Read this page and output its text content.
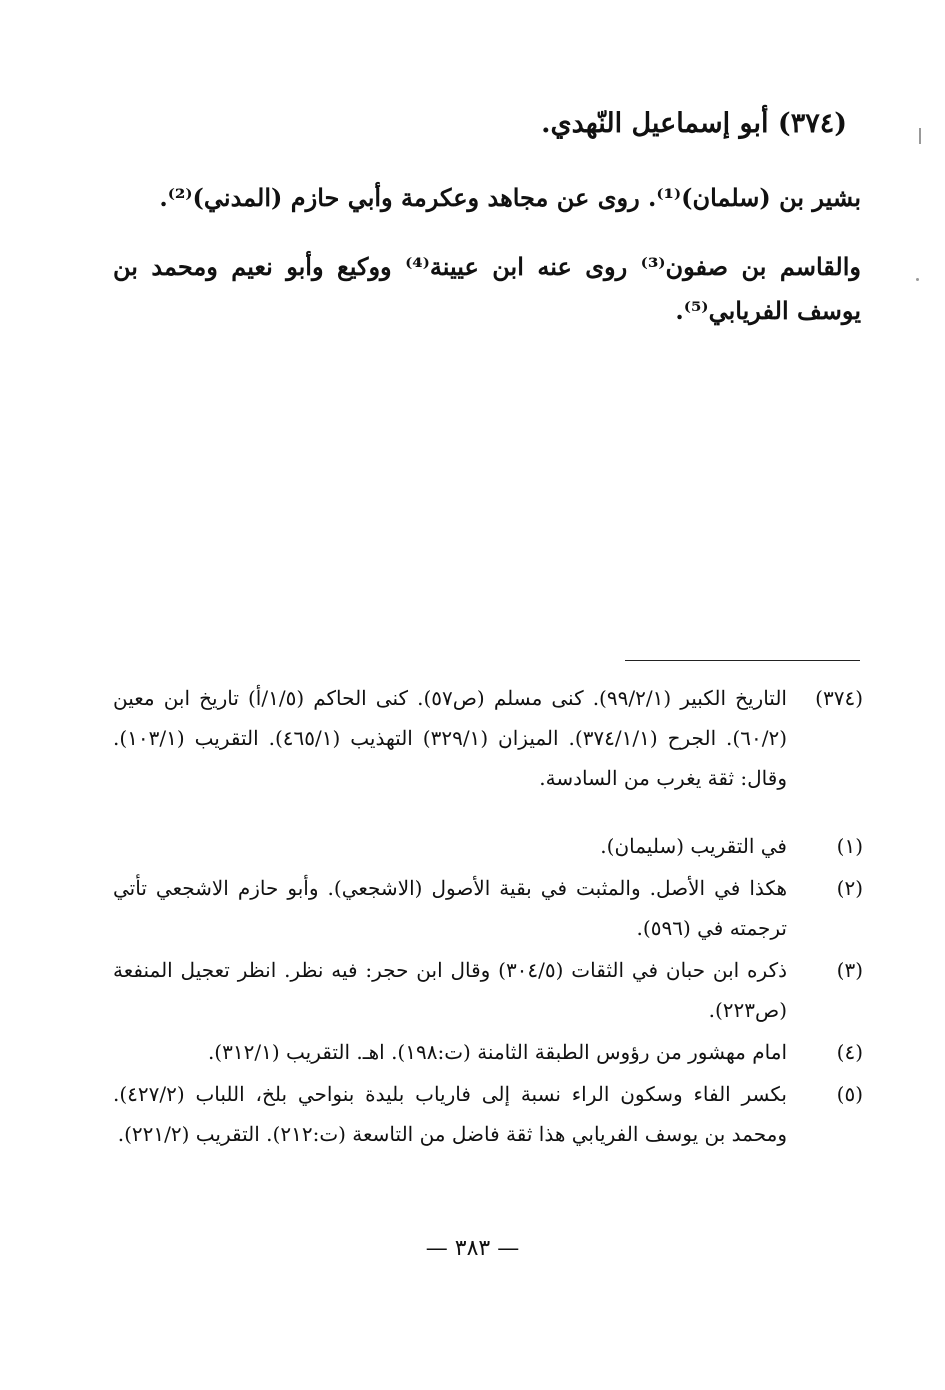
(٣٧٤) أبو إسماعيل النّهدي.
بشير بن (سلمان)⁽¹⁾. روى عن مجاهد وعكرمة وأبي حازم (المدني)⁽²⁾.
والقاسم بن صفون⁽³⁾ روى عنه ابن عيينة⁽⁴⁾ ووكيع وأبو نعيم ومحمد بن يوسف الفريابي⁽⁵⁾.
(٣٧٤)
التاريخ الكبير (٩٩/٢/١). كنى مسلم (ص٥٧). كنى الحاكم (١/٥/أ) تاريخ ابن معين (٦٠/٢). الجرح (٣٧٤/١/١). الميزان (٣٢٩/١) التهذيب (٤٦٥/١). التقريب (١٠٣/١). وقال: ثقة يغرب من السادسة.
(١)
في التقريب (سليمان).
(٢)
هكذا في الأصل. والمثبت في بقية الأصول (الاشجعي). وأبو حازم الاشجعي تأتي ترجمته في (٥٩٦).
(٣)
ذكره ابن حبان في الثقات (٣٠٤/٥) وقال ابن حجر: فيه نظر. انظر تعجيل المنفعة (ص٢٢٣).
(٤)
امام مهشور من رؤوس الطبقة الثامنة (ت:١٩٨). اهـ. التقريب (٣١٢/١).
(٥)
بكسر الفاء وسكون الراء نسبة إلى فارياب بليدة بنواحي بلخ، اللباب (٤٢٧/٢). ومحمد بن يوسف الفريابي هذا ثقة فاضل من التاسعة (ت:٢١٢). التقريب (٢٢١/٢).
— ٣٨٣ —
